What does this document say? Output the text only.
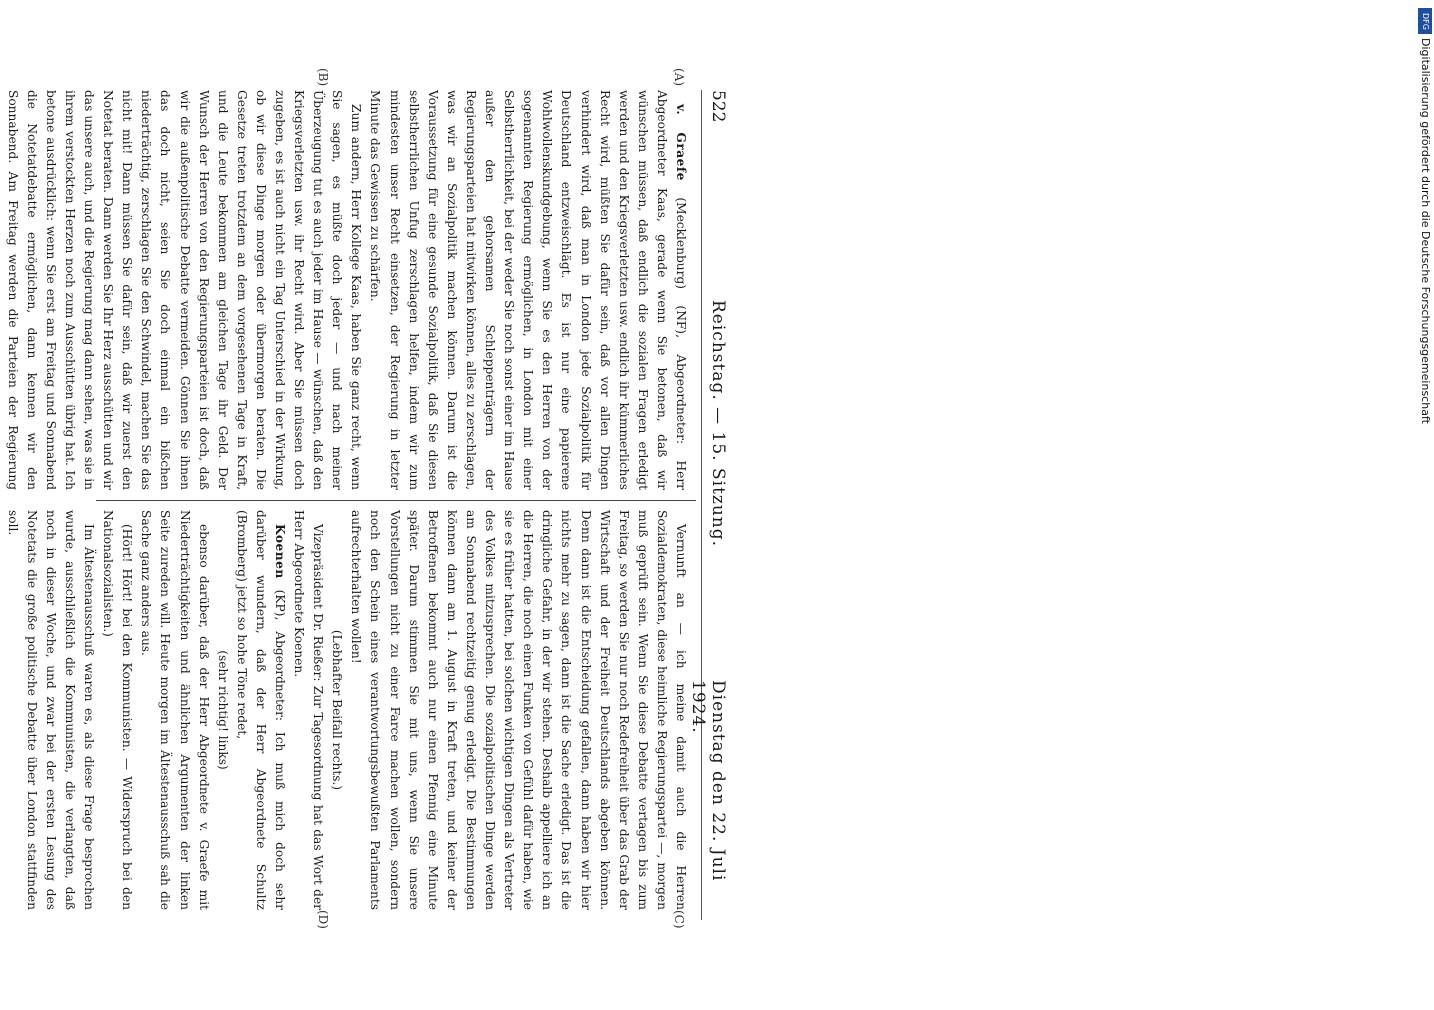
522
Reichstag. — 15. Sitzung.
Dienstag den 22. Juli 1924.
(A)
(B)
(C)
(D)

v. Graefe (Mecklenburg) (NF), Abgeordneter: Herr Abgeordneter Kaas, gerade wenn Sie betonen, daß wir wünschen müssen, daß endlich die sozialen Fragen erledigt werden und den Kriegsverletzten usw. endlich ihr kümmerliches Recht wird, müßten Sie dafür sein, daß vor allen Dingen verhindert wird, daß man in London jede Sozialpolitik für Deutschland entzweischlägt. Es ist nur eine papierene Wohlwollenskundgebung, wenn Sie es den Herren von der sogenannten Regierung ermöglichen, in London mit einer Selbstherrlichkeit, bei der weder Sie noch sonst einer im Hause außer den gehorsamen Schleppenträgern der Regierungsparteien hat mitwirken können, alles zu zerschlagen, was wir an Sozialpolitik machen können. Darum ist die Voraussetzung für eine gesunde Sozialpolitik, daß Sie diesen selbstherrlichen Unfug zerschlagen helfen, indem wir zum mindesten unser Recht einsetzen, der Regierung in letzter Minute das Gewissen zu schärfen.

Zum andern, Herr Kollege Kaas, haben Sie ganz recht, wenn Sie sagen, es müßte doch jeder — und nach meiner Überzeugung tut es auch jeder im Hause — wünschen, daß den Kriegsverletzten usw. ihr Recht wird. Aber Sie müssen doch zugeben, es ist auch nicht ein Tag Unterschied in der Wirkung, ob wir diese Dinge morgen oder übermorgen beraten. Die Gesetze treten trotzdem an dem vorgesehenen Tage in Kraft, und die Leute bekommen am gleichen Tage ihr Geld. Der Wunsch der Herren von den Regierungsparteien ist doch, daß wir die außenpolitische Debatte vermeiden. Gönnen Sie ihnen das doch nicht, seien Sie doch einmal ein bißchen niederträchtig, zerschlagen Sie den Schwindel, machen Sie das nicht mit! Dann müssen Sie dafür sein, daß wir zuerst den Notetat beraten. Dann werden Sie Ihr Herz ausschütten und wir das unsere auch, und die Regierung mag dann sehen, was sie in ihrem verstockten Herzen noch zum Ausschütten übrig hat. Ich betone ausdrücklich: wenn Sie erst am Freitag und Sonnabend die Notetatdebatte ermöglichen, dann kennen wir den Sonnabend. Am Freitag werden die Parteien der Regierung

Vernunft an — ich meine damit auch die Herren Sozialdemokraten, diese heimliche Regierungspartei —, morgen muß geprüft sein. Wenn Sie diese Debatte vertagen bis zum Freitag, so werden Sie nur noch Redefreiheit über das Grab der Wirtschaft und der Freiheit Deutschlands abgeben können. Denn dann ist die Entscheidung gefallen, dann haben wir hier nichts mehr zu sagen, dann ist die Sache erledigt. Das ist die dringliche Gefahr, in der wir stehen. Deshalb appelliere ich an die Herren, die noch einen Funken von Gefühl dafür haben, wie sie es früher hatten, bei solchen wichtigen Dingen als Vertreter des Volkes mitzusprechen. Die sozialpolitischen Dinge werden am Sonnabend rechtzeitig genug erledigt. Die Bestimmungen können dann am 1. August in Kraft treten, und keiner der Betroffenen bekommt auch nur einen Pfennig eine Minute später. Darum stimmen Sie mit uns, wenn Sie unsere Vorstellungen nicht zu einer Farce machen wollen, sondern noch den Schein eines verantwortungsbewußten Parlaments aufrechterhalten wollen!

(Lebhafter Beifall rechts.)

Vizepräsident Dr. Rießer: Zur Tagesordnung hat das Wort der Herr Abgeordnete Koenen.

Koenen (KP), Abgeordneter: Ich muß mich doch sehr darüber wundern, daß der Herr Abgeordnete Schultz (Bromberg) jetzt so hohe Töne redet,

(sehr richtig! links)

ebenso darüber, daß der Herr Abgeordnete v. Graefe mit Niederträchtigkeiten und ähnlichen Argumenten der linken Seite zureden will. Heute morgen im Ältestenausschuß sah die Sache ganz anders aus.

(Hört! Hört! bei den Kommunisten. — Widerspruch bei den Nationalsozialisten.)

Im Ältestenausschuß waren es, als diese Frage besprochen wurde, ausschließlich die Kommunisten, die verlangten, daß noch in dieser Woche, und zwar bei der ersten Lesung des Notetats die große politische Debatte über London stattfinden soll.

DFG
Digitalisierung gefördert durch die Deutsche Forschungsgemeinschaft
